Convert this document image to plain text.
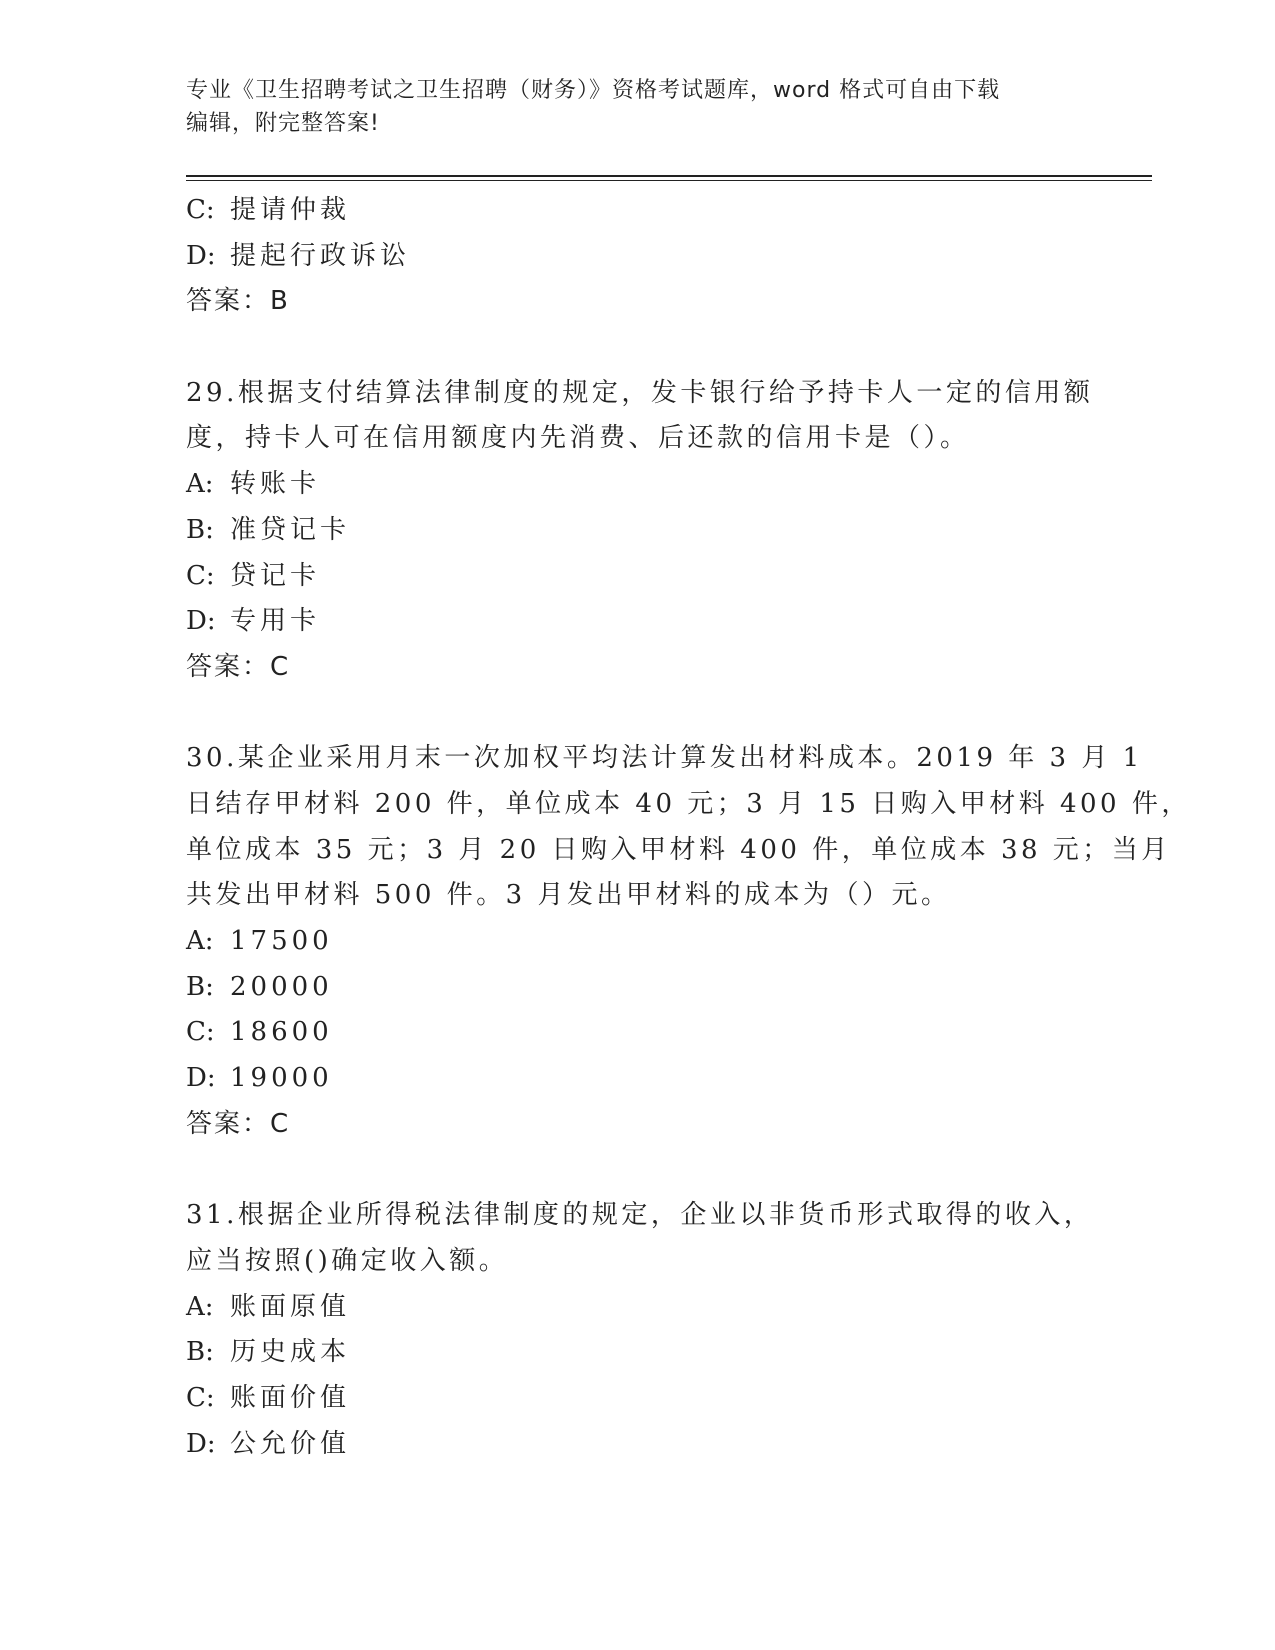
专业《卫生招聘考试之卫生招聘（财务）》资格考试题库，word 格式可自由下载
编辑，附完整答案!
C: 提请仲裁
D: 提起行政诉讼
答案：B
29.根据支付结算法律制度的规定，发卡银行给予持卡人一定的信用额
度，持卡人可在信用额度内先消费、后还款的信用卡是（）。
A: 转账卡
B: 准贷记卡
C: 贷记卡
D: 专用卡
答案：C
30.某企业采用月末一次加权平均法计算发出材料成本。2019 年 3 月 1
日结存甲材料 200 件，单位成本 40 元；3 月 15 日购入甲材料 400 件，
单位成本 35 元；3 月 20 日购入甲材料 400 件，单位成本 38 元；当月
共发出甲材料 500 件。3 月发出甲材料的成本为（）元。
A: 17500
B: 20000
C: 18600
D: 19000
答案：C
31.根据企业所得税法律制度的规定，企业以非货币形式取得的收入，
应当按照()确定收入额。
A: 账面原值
B: 历史成本
C: 账面价值
D: 公允价值
